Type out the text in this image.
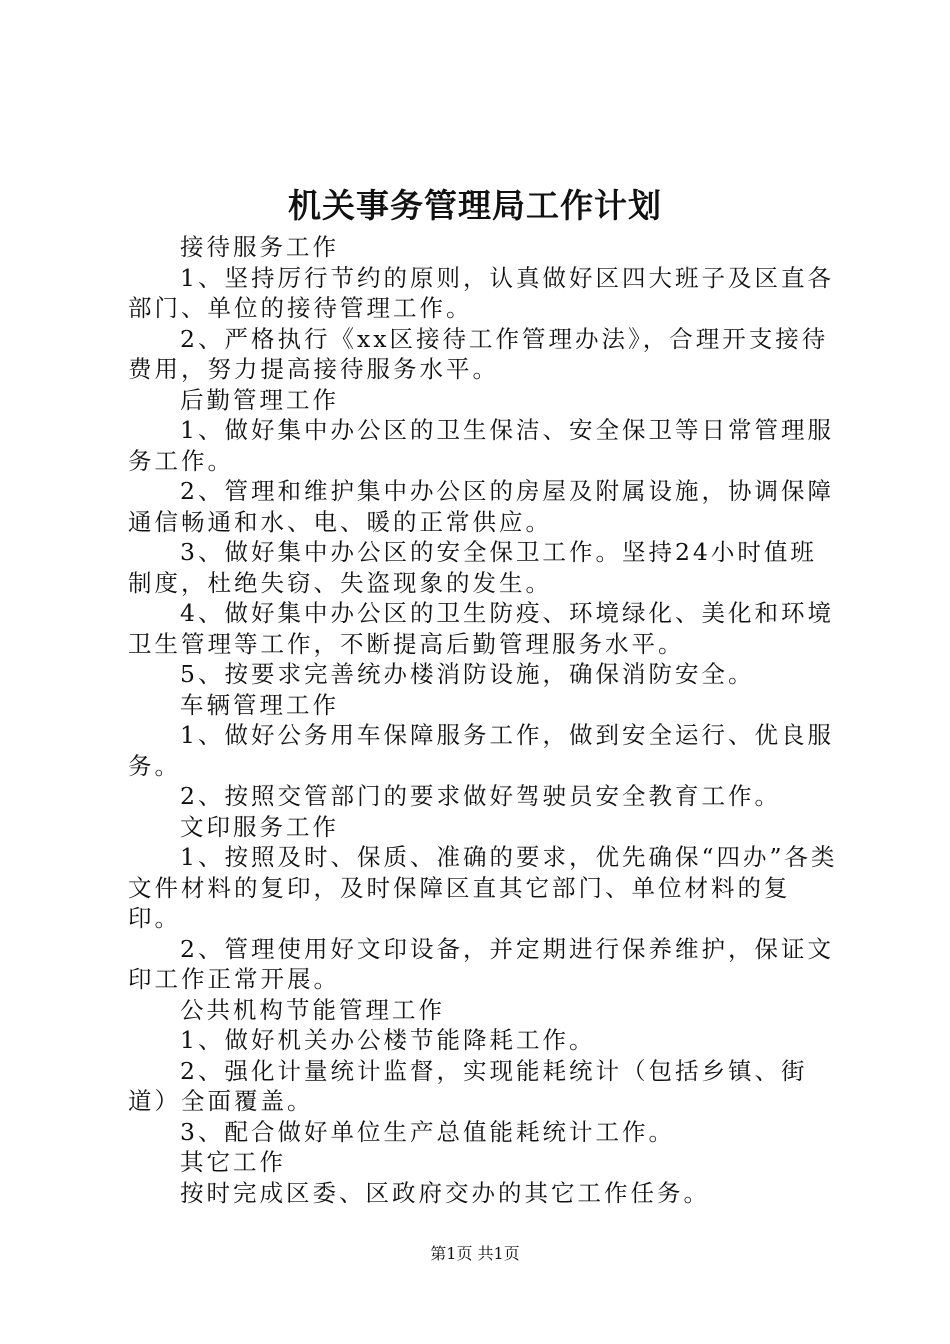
机关事务管理局工作计划

接待服务工作

1、坚持厉行节约的原则，认真做好区四大班子及区直各部门、单位的接待管理工作。

2、严格执行《xx区接待工作管理办法》，合理开支接待费用，努力提高接待服务水平。

后勤管理工作

1、做好集中办公区的卫生保洁、安全保卫等日常管理服务工作。

2、管理和维护集中办公区的房屋及附属设施，协调保障通信畅通和水、电、暖的正常供应。

3、做好集中办公区的安全保卫工作。坚持24小时值班制度，杜绝失窃、失盗现象的发生。

4、做好集中办公区的卫生防疫、环境绿化、美化和环境卫生管理等工作，不断提高后勤管理服务水平。

5、按要求完善统办楼消防设施，确保消防安全。

车辆管理工作

1、做好公务用车保障服务工作，做到安全运行、优良服务。

2、按照交管部门的要求做好驾驶员安全教育工作。

文印服务工作

1、按照及时、保质、准确的要求，优先确保“四办”各类文件材料的复印，及时保障区直其它部门、单位材料的复印。

2、管理使用好文印设备，并定期进行保养维护，保证文印工作正常开展。

公共机构节能管理工作

1、做好机关办公楼节能降耗工作。

2、强化计量统计监督，实现能耗统计（包括乡镇、街道）全面覆盖。

3、配合做好单位生产总值能耗统计工作。

其它工作

按时完成区委、区政府交办的其它工作任务。

第1页 共1页
